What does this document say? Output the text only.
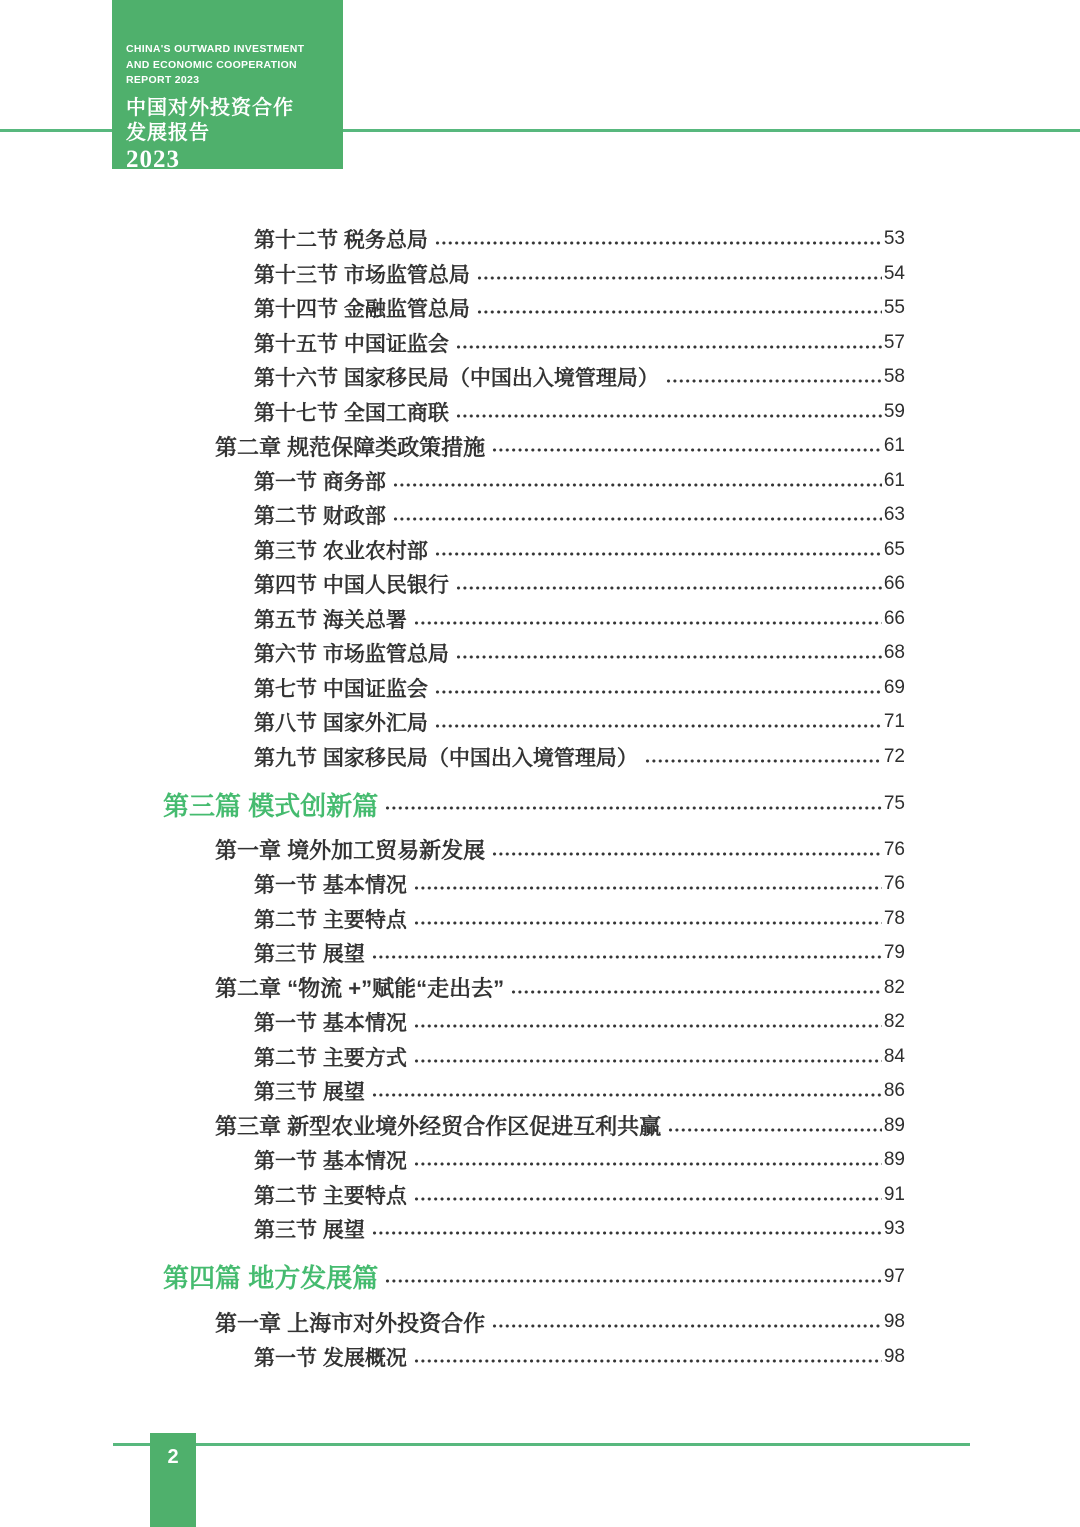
CHINA'S OUTWARD INVESTMENT
AND ECONOMIC COOPERATION
REPORT 2023
中国对外投资合作
发展报告
2023
第十二节 税务总局	53
第十三节 市场监管总局	54
第十四节 金融监管总局	55
第十五节 中国证监会	57
第十六节 国家移民局（中国出入境管理局）	58
第十七节 全国工商联	59
第二章 规范保障类政策措施	61
第一节 商务部	61
第二节 财政部	63
第三节 农业农村部	65
第四节 中国人民银行	66
第五节 海关总署	66
第六节 市场监管总局	68
第七节 中国证监会	69
第八节 国家外汇局	71
第九节 国家移民局（中国出入境管理局）	72
第三篇 模式创新篇	75
第一章 境外加工贸易新发展	76
第一节 基本情况	76
第二节 主要特点	78
第三节 展望	79
第二章 “物流 +”赋能“走出去”	82
第一节 基本情况	82
第二节 主要方式	84
第三节 展望	86
第三章 新型农业境外经贸合作区促进互利共赢	89
第一节 基本情况	89
第二节 主要特点	91
第三节 展望	93
第四篇 地方发展篇	97
第一章 上海市对外投资合作	98
第一节 发展概况	98
2
